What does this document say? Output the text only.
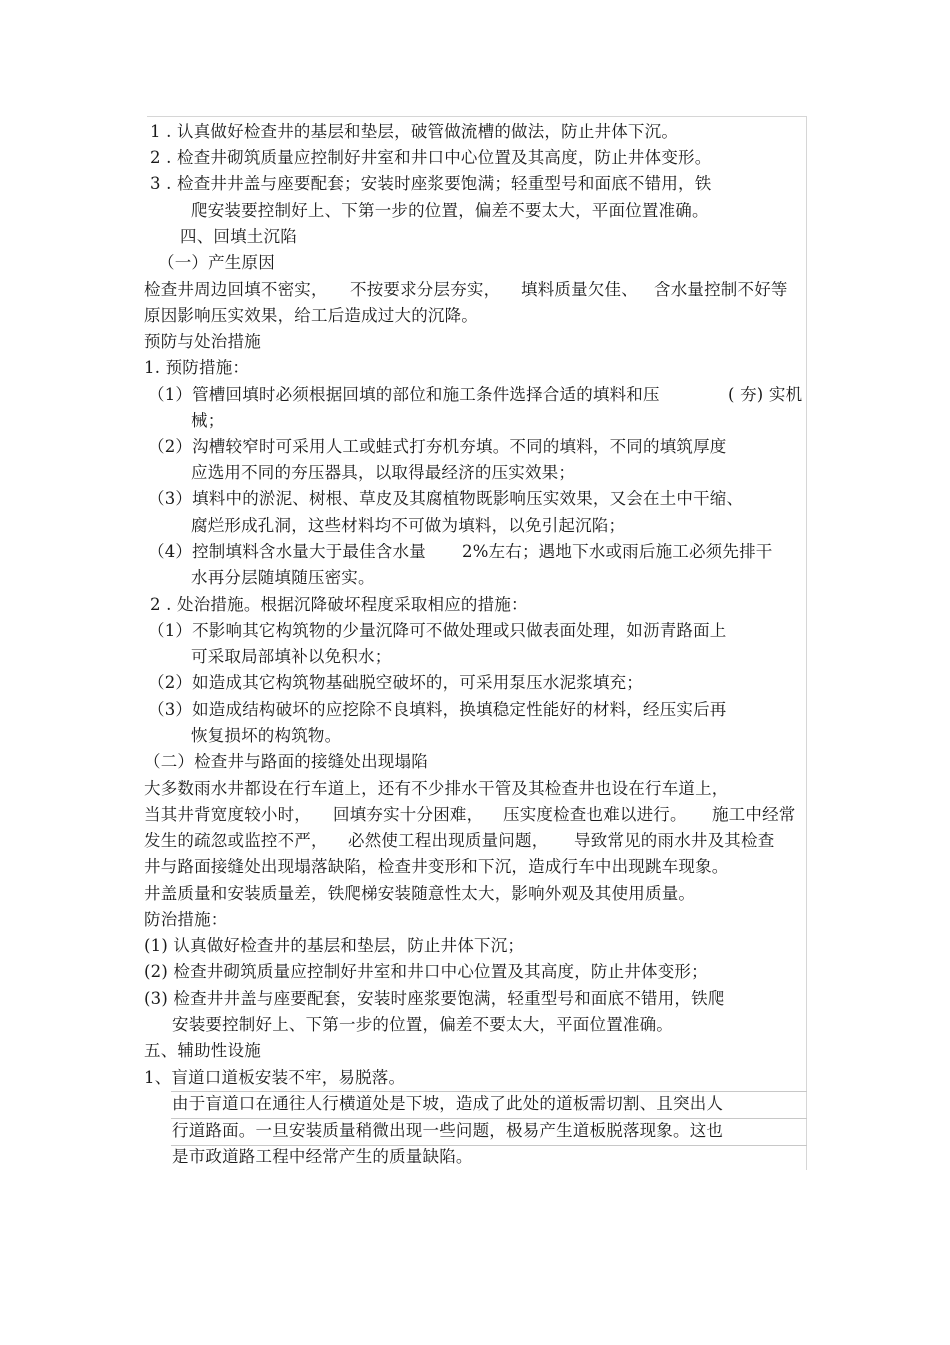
1 . 认真做好检查井的基层和垫层，破管做流槽的做法，防止井体下沉。
2 . 检查井砌筑质量应控制好井室和井口中心位置及其高度，防止井体变形。
3 . 检查井井盖与座要配套；安装时座浆要饱满；轻重型号和面底不错用，铁
爬安装要控制好上、下第一步的位置，偏差不要太大，平面位置准确。
四、回填土沉陷
（一）产生原因
检查井周边回填不密实， 不按要求分层夯实， 填料质量欠佳、 含水量控制不好等
原因影响压实效果，给工后造成过大的沉降。
预防与处治措施
1. 预防措施：
（1）管槽回填时必须根据回填的部位和施工条件选择合适的填料和压	( 夯) 实机
械；
（2）沟槽较窄时可采用人工或蛙式打夯机夯填。不同的填料，不同的填筑厚度
应选用不同的夯压器具，以取得最经济的压实效果；
（3）填料中的淤泥、树根、草皮及其腐植物既影响压实效果，又会在土中干缩、
腐烂形成孔洞，这些材料均不可做为填料，以免引起沉陷；
（4）控制填料含水量大于最佳含水量 2%左右；遇地下水或雨后施工必须先排干
水再分层随填随压密实。
2 . 处治措施。根据沉降破坏程度采取相应的措施：
（1）不影响其它构筑物的少量沉降可不做处理或只做表面处理，如沥青路面上
可采取局部填补以免积水；
（2）如造成其它构筑物基础脱空破坏的，可采用泵压水泥浆填充；
（3）如造成结构破坏的应挖除不良填料，换填稳定性能好的材料，经压实后再
恢复损坏的构筑物。
（二）检查井与路面的接缝处出现塌陷
大多数雨水井都设在行车道上，还有不少排水干管及其检查井也设在行车道上，
当其井背宽度较小时， 回填夯实十分困难， 压实度检查也难以进行。 施工中经常
发生的疏忽或监控不严， 必然使工程出现质量问题， 导致常见的雨水井及其检查
井与路面接缝处出现塌落缺陷，检查井变形和下沉，造成行车中出现跳车现象。
井盖质量和安装质量差，铁爬梯安装随意性太大，影响外观及其使用质量。
防治措施：
(1) 认真做好检查井的基层和垫层，防止井体下沉；
(2) 检查井砌筑质量应控制好井室和井口中心位置及其高度，防止井体变形；
(3) 检查井井盖与座要配套，安装时座浆要饱满，轻重型号和面底不错用，铁爬
安装要控制好上、下第一步的位置，偏差不要太大，平面位置准确。
五、辅助性设施
1、盲道口道板安装不牢，易脱落。
由于盲道口在通往人行横道处是下坡，造成了此处的道板需切割、且突出人
行道路面。一旦安装质量稍微出现一些问题，极易产生道板脱落现象。这也
是市政道路工程中经常产生的质量缺陷。
